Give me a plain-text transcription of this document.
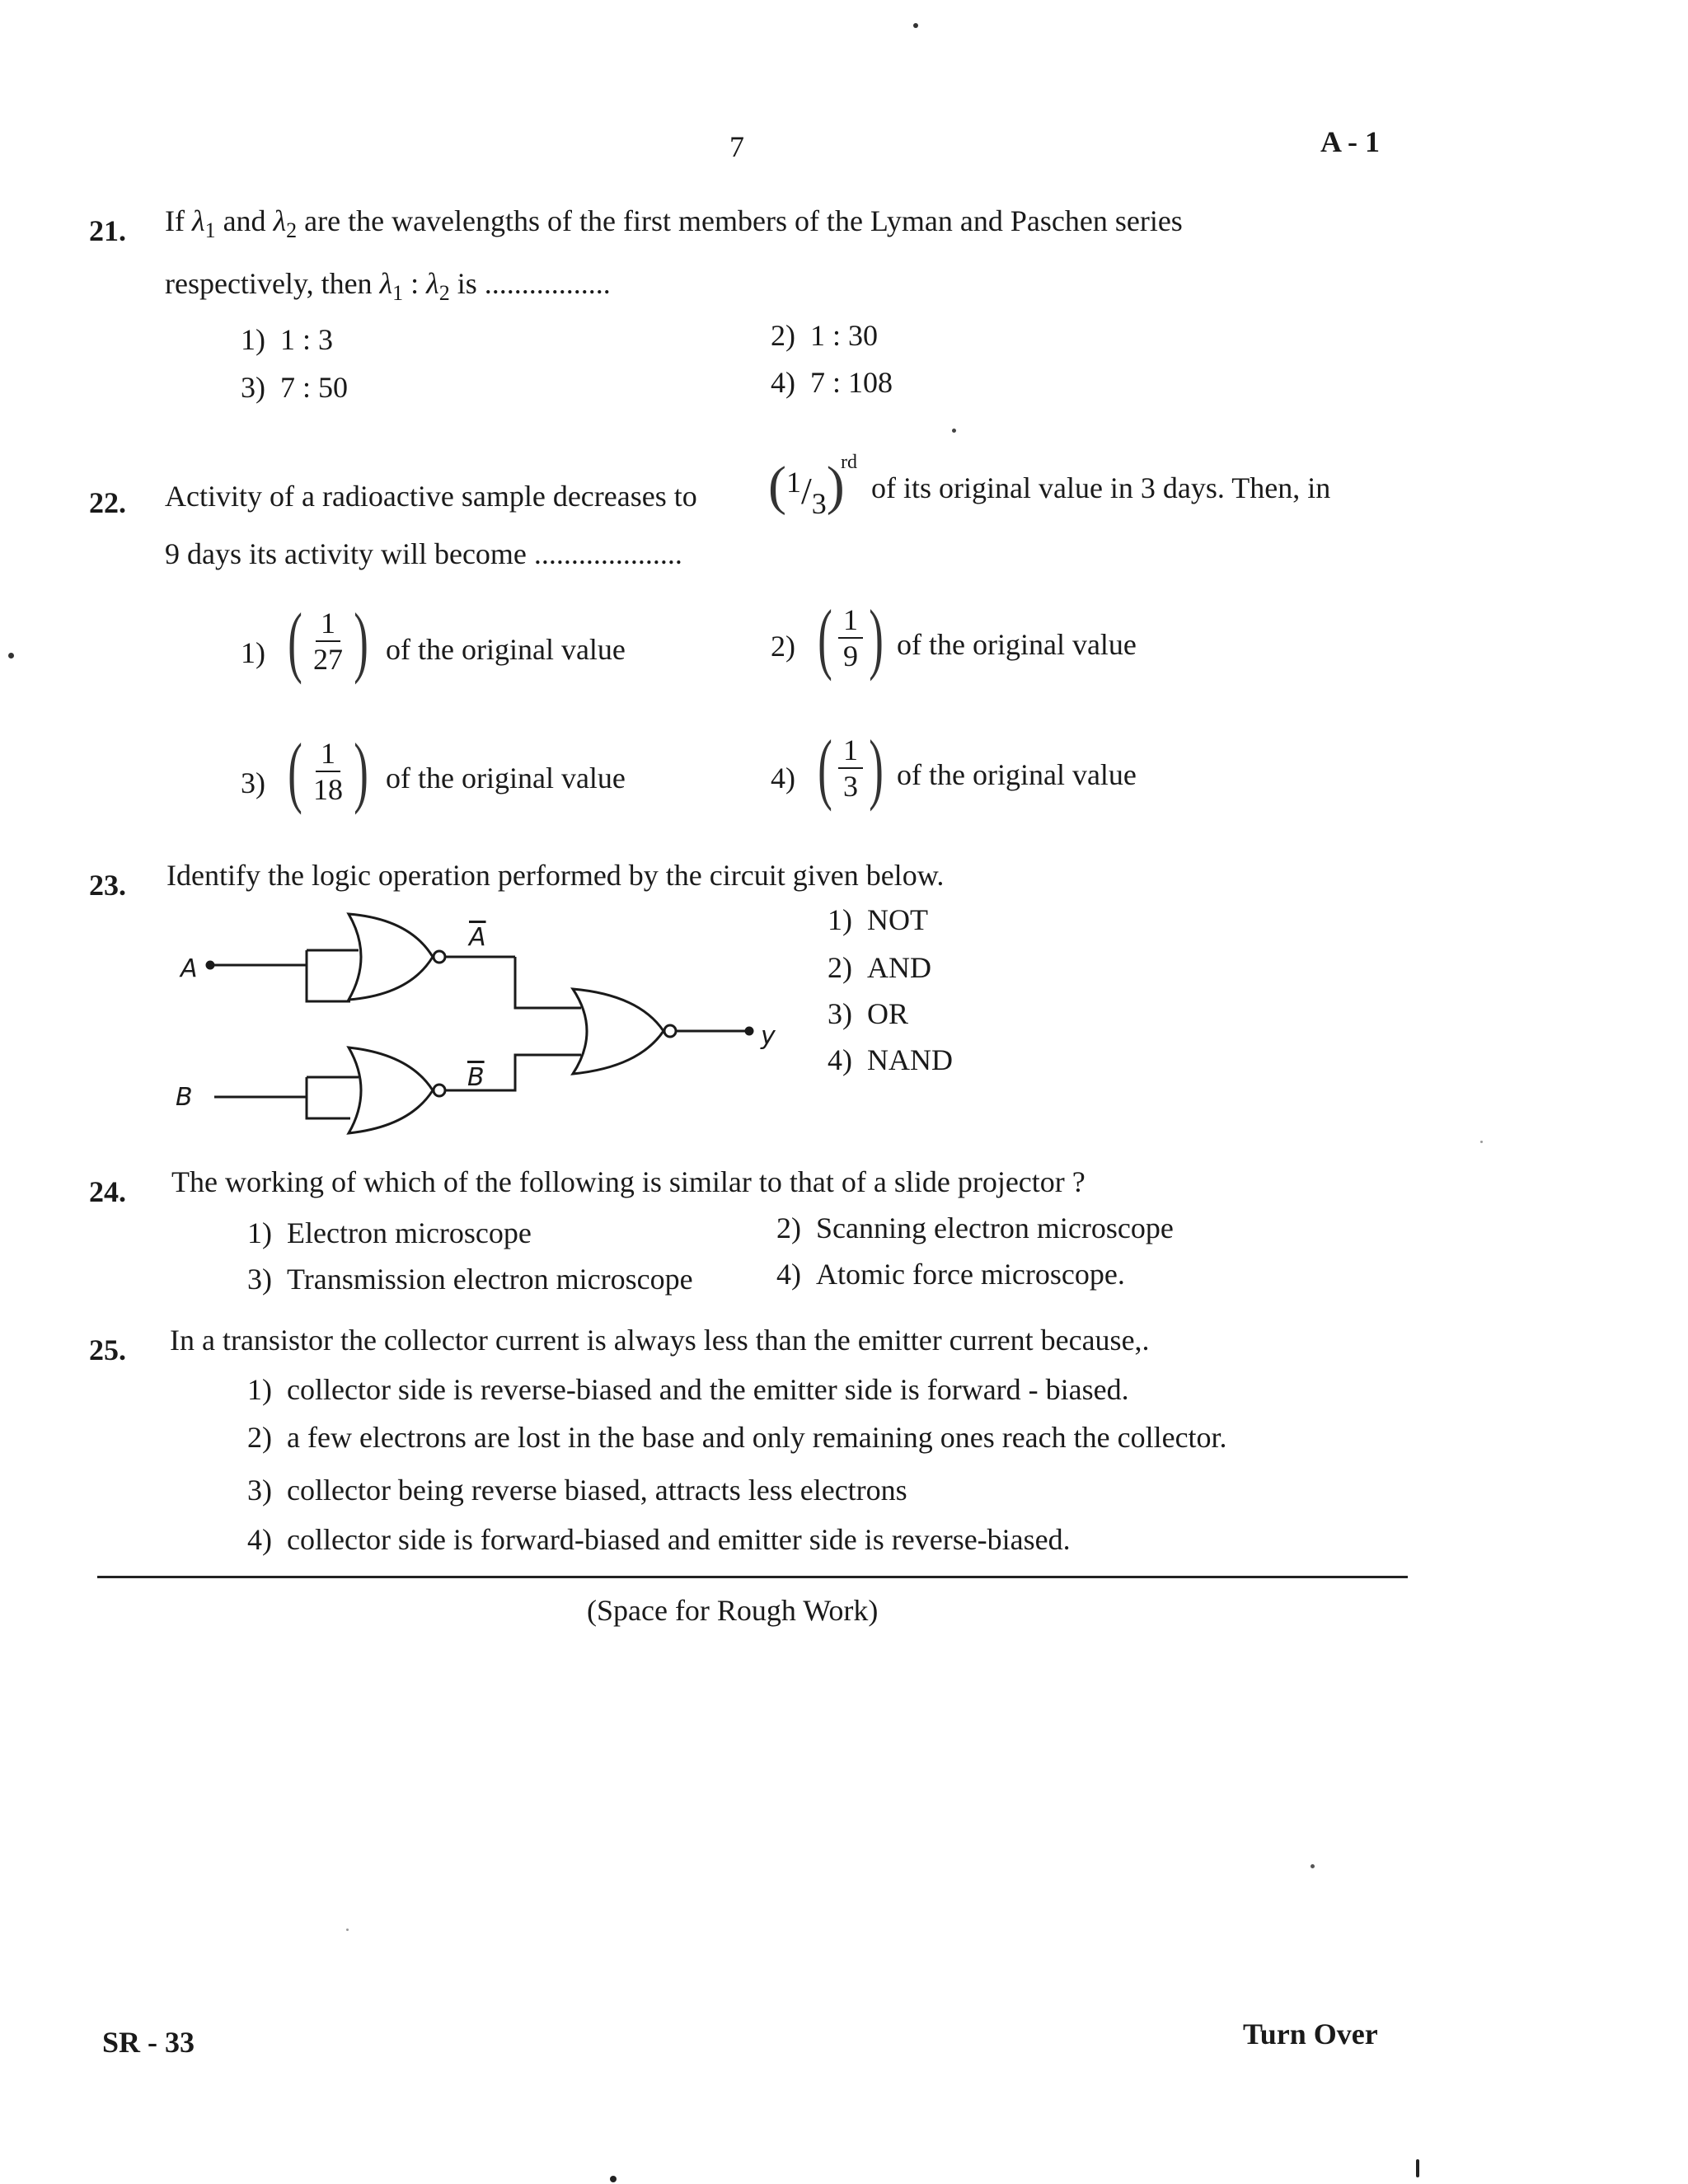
7	A - 1
21. If $\lambda_1$ and $\lambda_2$ are the wavelengths of the first members of the Lyman and Paschen series
respectively, then $\lambda_1$ : $\lambda_2$ is .................
1) 1 : 3	2) 1 : 30
3) 7 : 50	4) 7 : 108
22. Activity of a radioactive sample decreases to (1/3)
rd
of its original value in 3 days. Then, in
9 days its activity will become ....................
1) ( 1
27 ) of the original value	2) ( 1
9 ) of the original value
3) ( 1
18 ) of the original value	4) ( 1
3 ) of the original value
23. Identify the logic operation performed by the circuit given below.
A
B
A
B
y
1) NOT
2) AND
3) OR
4) NAND
24. The working of which of the following is similar to that of a slide projector ?
1) Electron microscope	2) Scanning electron microscope
3) Transmission electron microscope	4) Atomic force microscope.
25. In a transistor the collector current is always less than the emitter current because,.
1) collector side is reverse-biased and the emitter side is forward - biased.
2) a few electrons are lost in the base and only remaining ones reach the collector.
3) collector being reverse biased, attracts less electrons
4) collector side is forward-biased and emitter side is reverse-biased.
(Space for Rough Work)
SR - 33	Turn Over
